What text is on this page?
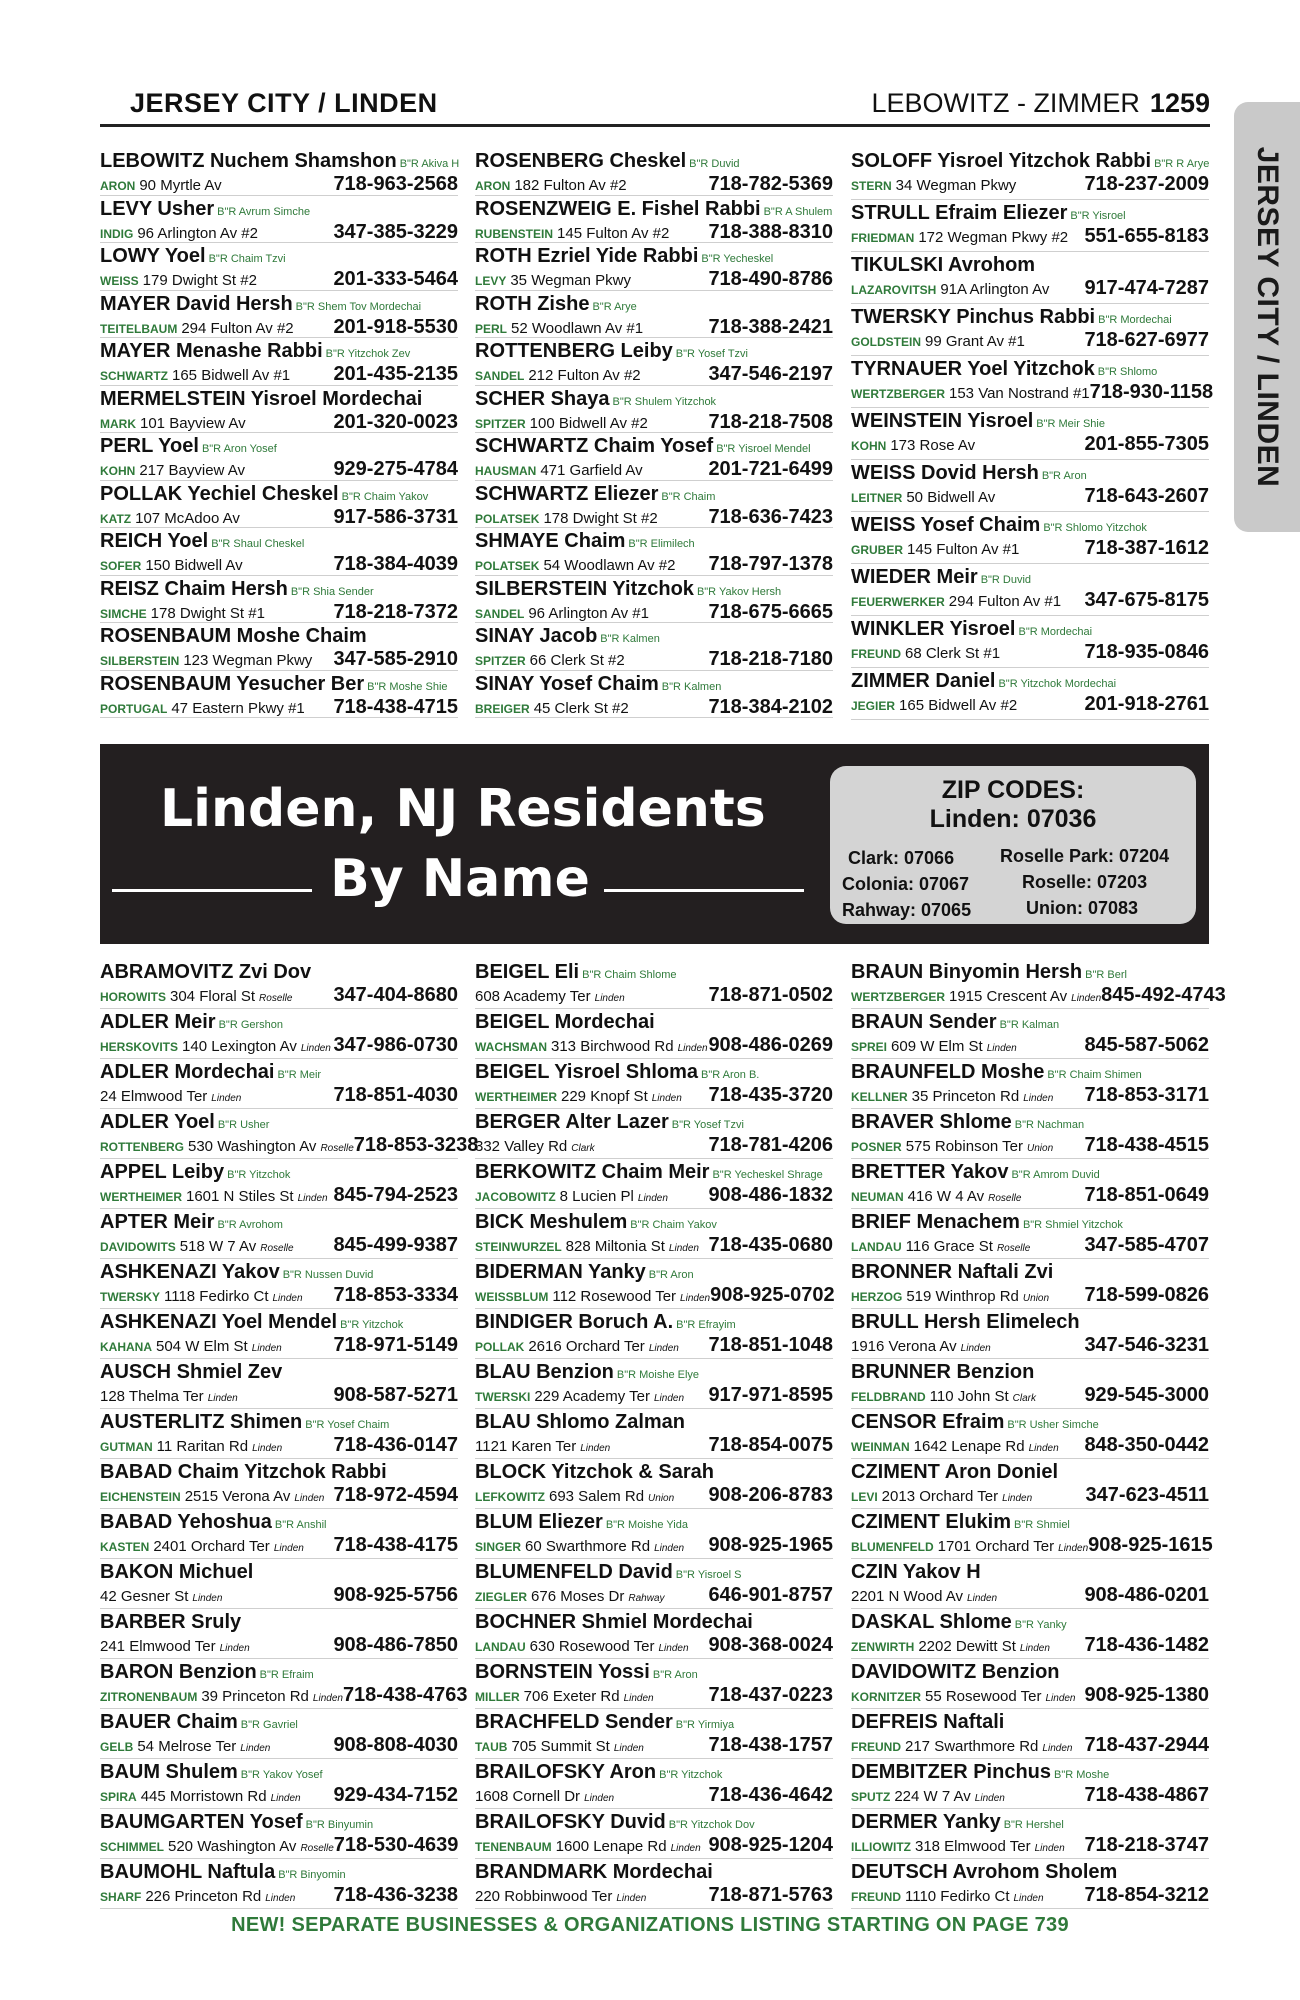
JERSEY CITY / LINDEN	LEBOWITZ - ZIMMER 1259
JERSEY CITY / LINDEN
LEBOWITZ Nuchem Shamshon B"R Akiva H
ARON 90 Myrtle Av	718-963-2568
LEVY Usher B"R Avrum Simche
INDIG 96 Arlington Av #2	347-385-3229
LOWY Yoel B"R Chaim Tzvi
WEISS 179 Dwight St #2	201-333-5464
MAYER David Hersh B"R Shem Tov Mordechai
TEITELBAUM 294 Fulton Av #2 201-918-5530
MAYER Menashe Rabbi B"R Yitzchok Zev
SCHWARTZ 165 Bidwell Av #1 201-435-2135
MERMELSTEIN Yisroel Mordechai
MARK 101 Bayview Av	201-320-0023
PERL Yoel B"R Aron Yosef
KOHN 217 Bayview Av	929-275-4784
POLLAK Yechiel Cheskel B"R Chaim Yakov
KATZ 107 McAdoo Av	917-586-3731
REICH Yoel B"R Shaul Cheskel
SOFER 150 Bidwell Av	718-384-4039
REISZ Chaim Hersh B"R Shia Sender
SIMCHE 178 Dwight St #1	718-218-7372
ROSENBAUM Moshe Chaim
SILBERSTEIN 123 Wegman Pkwy 347-585-2910
ROSENBAUM Yesucher Ber B"R Moshe Shie
PORTUGAL 47 Eastern Pkwy #1 718-438-4715
ROSENBERG Cheskel B"R Duvid
ARON 182 Fulton Av #2	718-782-5369
ROSENZWEIG E. Fishel Rabbi B"R A Shulem
RUBENSTEIN 145 Fulton Av #2 718-388-8310
ROTH Ezriel Yide Rabbi B"R Yecheskel
LEVY 35 Wegman Pkwy	718-490-8786
ROTH Zishe B"R Arye
PERL 52 Woodlawn Av #1	718-388-2421
ROTTENBERG Leiby B"R Yosef Tzvi
SANDEL 212 Fulton Av #2	347-546-2197
SCHER Shaya B"R Shulem Yitzchok
SPITZER 100 Bidwell Av #2	718-218-7508
SCHWARTZ Chaim Yosef B"R Yisroel Mendel
HAUSMAN 471 Garfield Av	201-721-6499
SCHWARTZ Eliezer B"R Chaim
POLATSEK 178 Dwight St #2	718-636-7423
SHMAYE Chaim B"R Elimilech
POLATSEK 54 Woodlawn Av #2 718-797-1378
SILBERSTEIN Yitzchok B"R Yakov Hersh
SANDEL 96 Arlington Av #1	718-675-6665
SINAY Jacob B"R Kalmen
SPITZER 66 Clerk St #2	718-218-7180
SINAY Yosef Chaim B"R Kalmen
BREIGER 45 Clerk St #2	718-384-2102
SOLOFF Yisroel Yitzchok Rabbi B"R R Arye
STERN 34 Wegman Pkwy	718-237-2009
STRULL Efraim Eliezer B"R Yisroel
FRIEDMAN 172 Wegman Pkwy #2 551-655-8183
TIKULSKI Avrohom
LAZAROVITSH 91A Arlington Av 917-474-7287
TWERSKY Pinchus Rabbi B"R Mordechai
GOLDSTEIN 99 Grant Av #1	718-627-6977
TYRNAUER Yoel Yitzchok B"R Shlomo
WERTZBERGER 153 Van Nostrand #1 718-930-1158
WEINSTEIN Yisroel B"R Meir Shie
KOHN 173 Rose Av	201-855-7305
WEISS Dovid Hersh B"R Aron
LEITNER 50 Bidwell Av	718-643-2607
WEISS Yosef Chaim B"R Shlomo Yitzchok
GRUBER 145 Fulton Av #1	718-387-1612
WIEDER Meir B"R Duvid
FEUERWERKER 294 Fulton Av #1 347-675-8175
WINKLER Yisroel B"R Mordechai
FREUND 68 Clerk St #1	718-935-0846
ZIMMER Daniel B"R Yitzchok Mordechai
JEGIER 165 Bidwell Av #2	201-918-2761
Linden, NJ Residents
By Name
ZIP CODES:
Linden: 07036
Clark: 07066	Roselle Park: 07204
Colonia: 07067	Roselle: 07203
Rahway: 07065	Union: 07083
ABRAMOVITZ Zvi Dov
HOROWITS 304 Floral St Roselle 347-404-8680
ADLER Meir B"R Gershon
HERSKOVITS 140 Lexington Av Linden 347-986-0730
ADLER Mordechai B"R Meir
24 Elmwood Ter Linden	718-851-4030
ADLER Yoel B"R Usher
ROTTENBERG 530 Washington Av Roselle 718-853-3238
APPEL Leiby B"R Yitzchok
WERTHEIMER 1601 N Stiles St Linden 845-794-2523
APTER Meir B"R Avrohom
DAVIDOWITS 518 W 7 Av Roselle 845-499-9387
ASHKENAZI Yakov B"R Nussen Duvid
TWERSKY 1118 Fedirko Ct Linden 718-853-3334
ASHKENAZI Yoel Mendel B"R Yitzchok
KAHANA 504 W Elm St Linden	718-971-5149
AUSCH Shmiel Zev
128 Thelma Ter Linden	908-587-5271
AUSTERLITZ Shimen B"R Yosef Chaim
GUTMAN 11 Raritan Rd Linden	718-436-0147
BABAD Chaim Yitzchok Rabbi
EICHENSTEIN 2515 Verona Av Linden 718-972-4594
BABAD Yehoshua B"R Anshil
KASTEN 2401 Orchard Ter Linden 718-438-4175
BAKON Michuel
42 Gesner St Linden	908-925-5756
BARBER Sruly
241 Elmwood Ter Linden	908-486-7850
BARON Benzion B"R Efraim
ZITRONENBAUM 39 Princeton Rd Linden 718-438-4763
BAUER Chaim B"R Gavriel
GELB 54 Melrose Ter Linden	908-808-4030
BAUM Shulem B"R Yakov Yosef
SPIRA 445 Morristown Rd Linden 929-434-7152
BAUMGARTEN Yosef B"R Binyumin
SCHIMMEL 520 Washington Av Roselle 718-530-4639
BAUMOHL Naftula B"R Binyomin
SHARF 226 Princeton Rd Linden 718-436-3238
BEIGEL Eli B"R Chaim Shlome
608 Academy Ter Linden	718-871-0502
BEIGEL Mordechai
WACHSMAN 313 Birchwood Rd Linden 908-486-0269
BEIGEL Yisroel Shloma B"R Aron B.
WERTHEIMER 229 Knopf St Linden 718-435-3720
BERGER Alter Lazer B"R Yosef Tzvi
332 Valley Rd Clark	718-781-4206
BERKOWITZ Chaim Meir B"R Yecheskel Shrage
JACOBOWITZ 8 Lucien Pl Linden 908-486-1832
BICK Meshulem B"R Chaim Yakov
STEINWURZEL 828 Miltonia St Linden 718-435-0680
BIDERMAN Yanky B"R Aron
WEISSBLUM 112 Rosewood Ter Linden 908-925-0702
BINDIGER Boruch A. B"R Efrayim
POLLAK 2616 Orchard Ter Linden 718-851-1048
BLAU Benzion B"R Moishe Elye
TWERSKI 229 Academy Ter Linden 917-971-8595
BLAU Shlomo Zalman
1121 Karen Ter Linden	718-854-0075
BLOCK Yitzchok & Sarah
LEFKOWITZ 693 Salem Rd Union 908-206-8783
BLUM Eliezer B"R Moishe Yida
SINGER 60 Swarthmore Rd Linden 908-925-1965
BLUMENFELD David B"R Yisroel S
ZIEGLER 676 Moses Dr Rahway 646-901-8757
BOCHNER Shmiel Mordechai
LANDAU 630 Rosewood Ter Linden 908-368-0024
BORNSTEIN Yossi B"R Aron
MILLER 706 Exeter Rd Linden	718-437-0223
BRACHFELD Sender B"R Yirmiya
TAUB 705 Summit St Linden	718-438-1757
BRAILOFSKY Aron B"R Yitzchok
1608 Cornell Dr Linden	718-436-4642
BRAILOFSKY Duvid B"R Yitzchok Dov
TENENBAUM 1600 Lenape Rd Linden 908-925-1204
BRANDMARK Mordechai
220 Robbinwood Ter Linden	718-871-5763
BRAUN Binyomin Hersh B"R Berl
WERTZBERGER 1915 Crescent Av Linden 845-492-4743
BRAUN Sender B"R Kalman
SPREI 609 W Elm St Linden	845-587-5062
BRAUNFELD Moshe B"R Chaim Shimen
KELLNER 35 Princeton Rd Linden 718-853-3171
BRAVER Shlome B"R Nachman
POSNER 575 Robinson Ter Union 718-438-4515
BRETTER Yakov B"R Amrom Duvid
NEUMAN 416 W 4 Av Roselle	718-851-0649
BRIEF Menachem B"R Shmiel Yitzchok
LANDAU 116 Grace St Roselle	347-585-4707
BRONNER Naftali Zvi
HERZOG 519 Winthrop Rd Union 718-599-0826
BRULL Hersh Elimelech
1916 Verona Av Linden	347-546-3231
BRUNNER Benzion
FELDBRAND 110 John St Clark 929-545-3000
CENSOR Efraim B"R Usher Simche
WEINMAN 1642 Lenape Rd Linden 848-350-0442
CZIMENT Aron Doniel
LEVI 2013 Orchard Ter Linden	347-623-4511
CZIMENT Elukim B"R Shmiel
BLUMENFELD 1701 Orchard Ter Linden 908-925-1615
CZIN Yakov H
2201 N Wood Av Linden	908-486-0201
DASKAL Shlome B"R Yanky
ZENWIRTH 2202 Dewitt St Linden 718-436-1482
DAVIDOWITZ Benzion
KORNITZER 55 Rosewood Ter Linden 908-925-1380
DEFREIS Naftali
FREUND 217 Swarthmore Rd Linden 718-437-2944
DEMBITZER Pinchus B"R Moshe
SPUTZ 224 W 7 Av Linden	718-438-4867
DERMER Yanky B"R Hershel
ILLIOWITZ 318 Elmwood Ter Linden 718-218-3747
DEUTSCH Avrohom Sholem
FREUND 1110 Fedirko Ct Linden 718-854-3212
NEW! SEPARATE BUSINESSES & ORGANIZATIONS LISTING STARTING ON PAGE 739
